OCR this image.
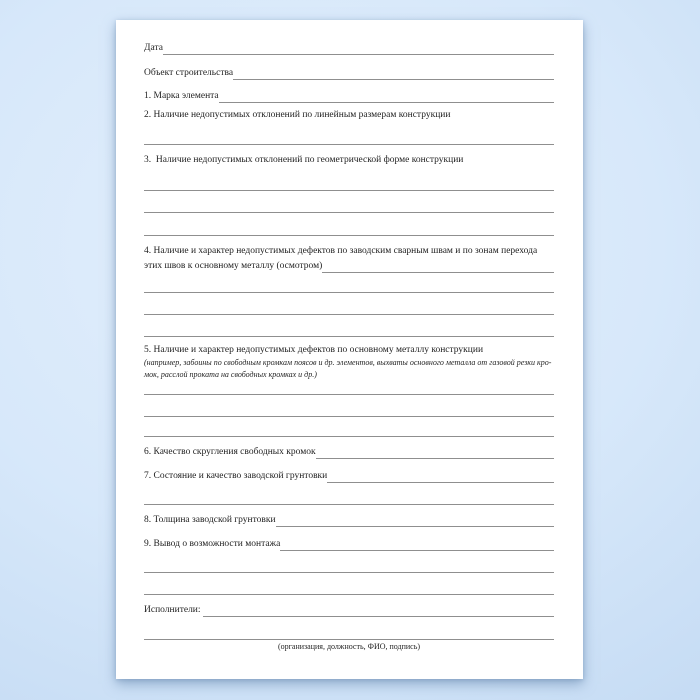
Дата
Объект строительства
1. Марка элемента
2. Наличие недопустимых отклонений по линейным размерам конструкции
3.  Наличие недопустимых отклонений по геометрической форме конструкции
4. Наличие и характер недопустимых дефектов по заводским сварным швам и по зонам перехода
этих швов к основному металлу (осмотром)
5. Наличие и характер недопустимых дефектов по основному металлу конструкции
(например, забоины по свободным кромкам поясов и др. элементов, выхваты основного металла от газовой резки кро-
мок, расслой проката на свободных кромках и др.)
6. Качество скругления свободных кромок
7. Состояние и качество заводской грунтовки
8. Толщина заводской грунтовки
9. Вывод о возможности монтажа
Исполнители:
(организация, должность, ФИО, подпись)
